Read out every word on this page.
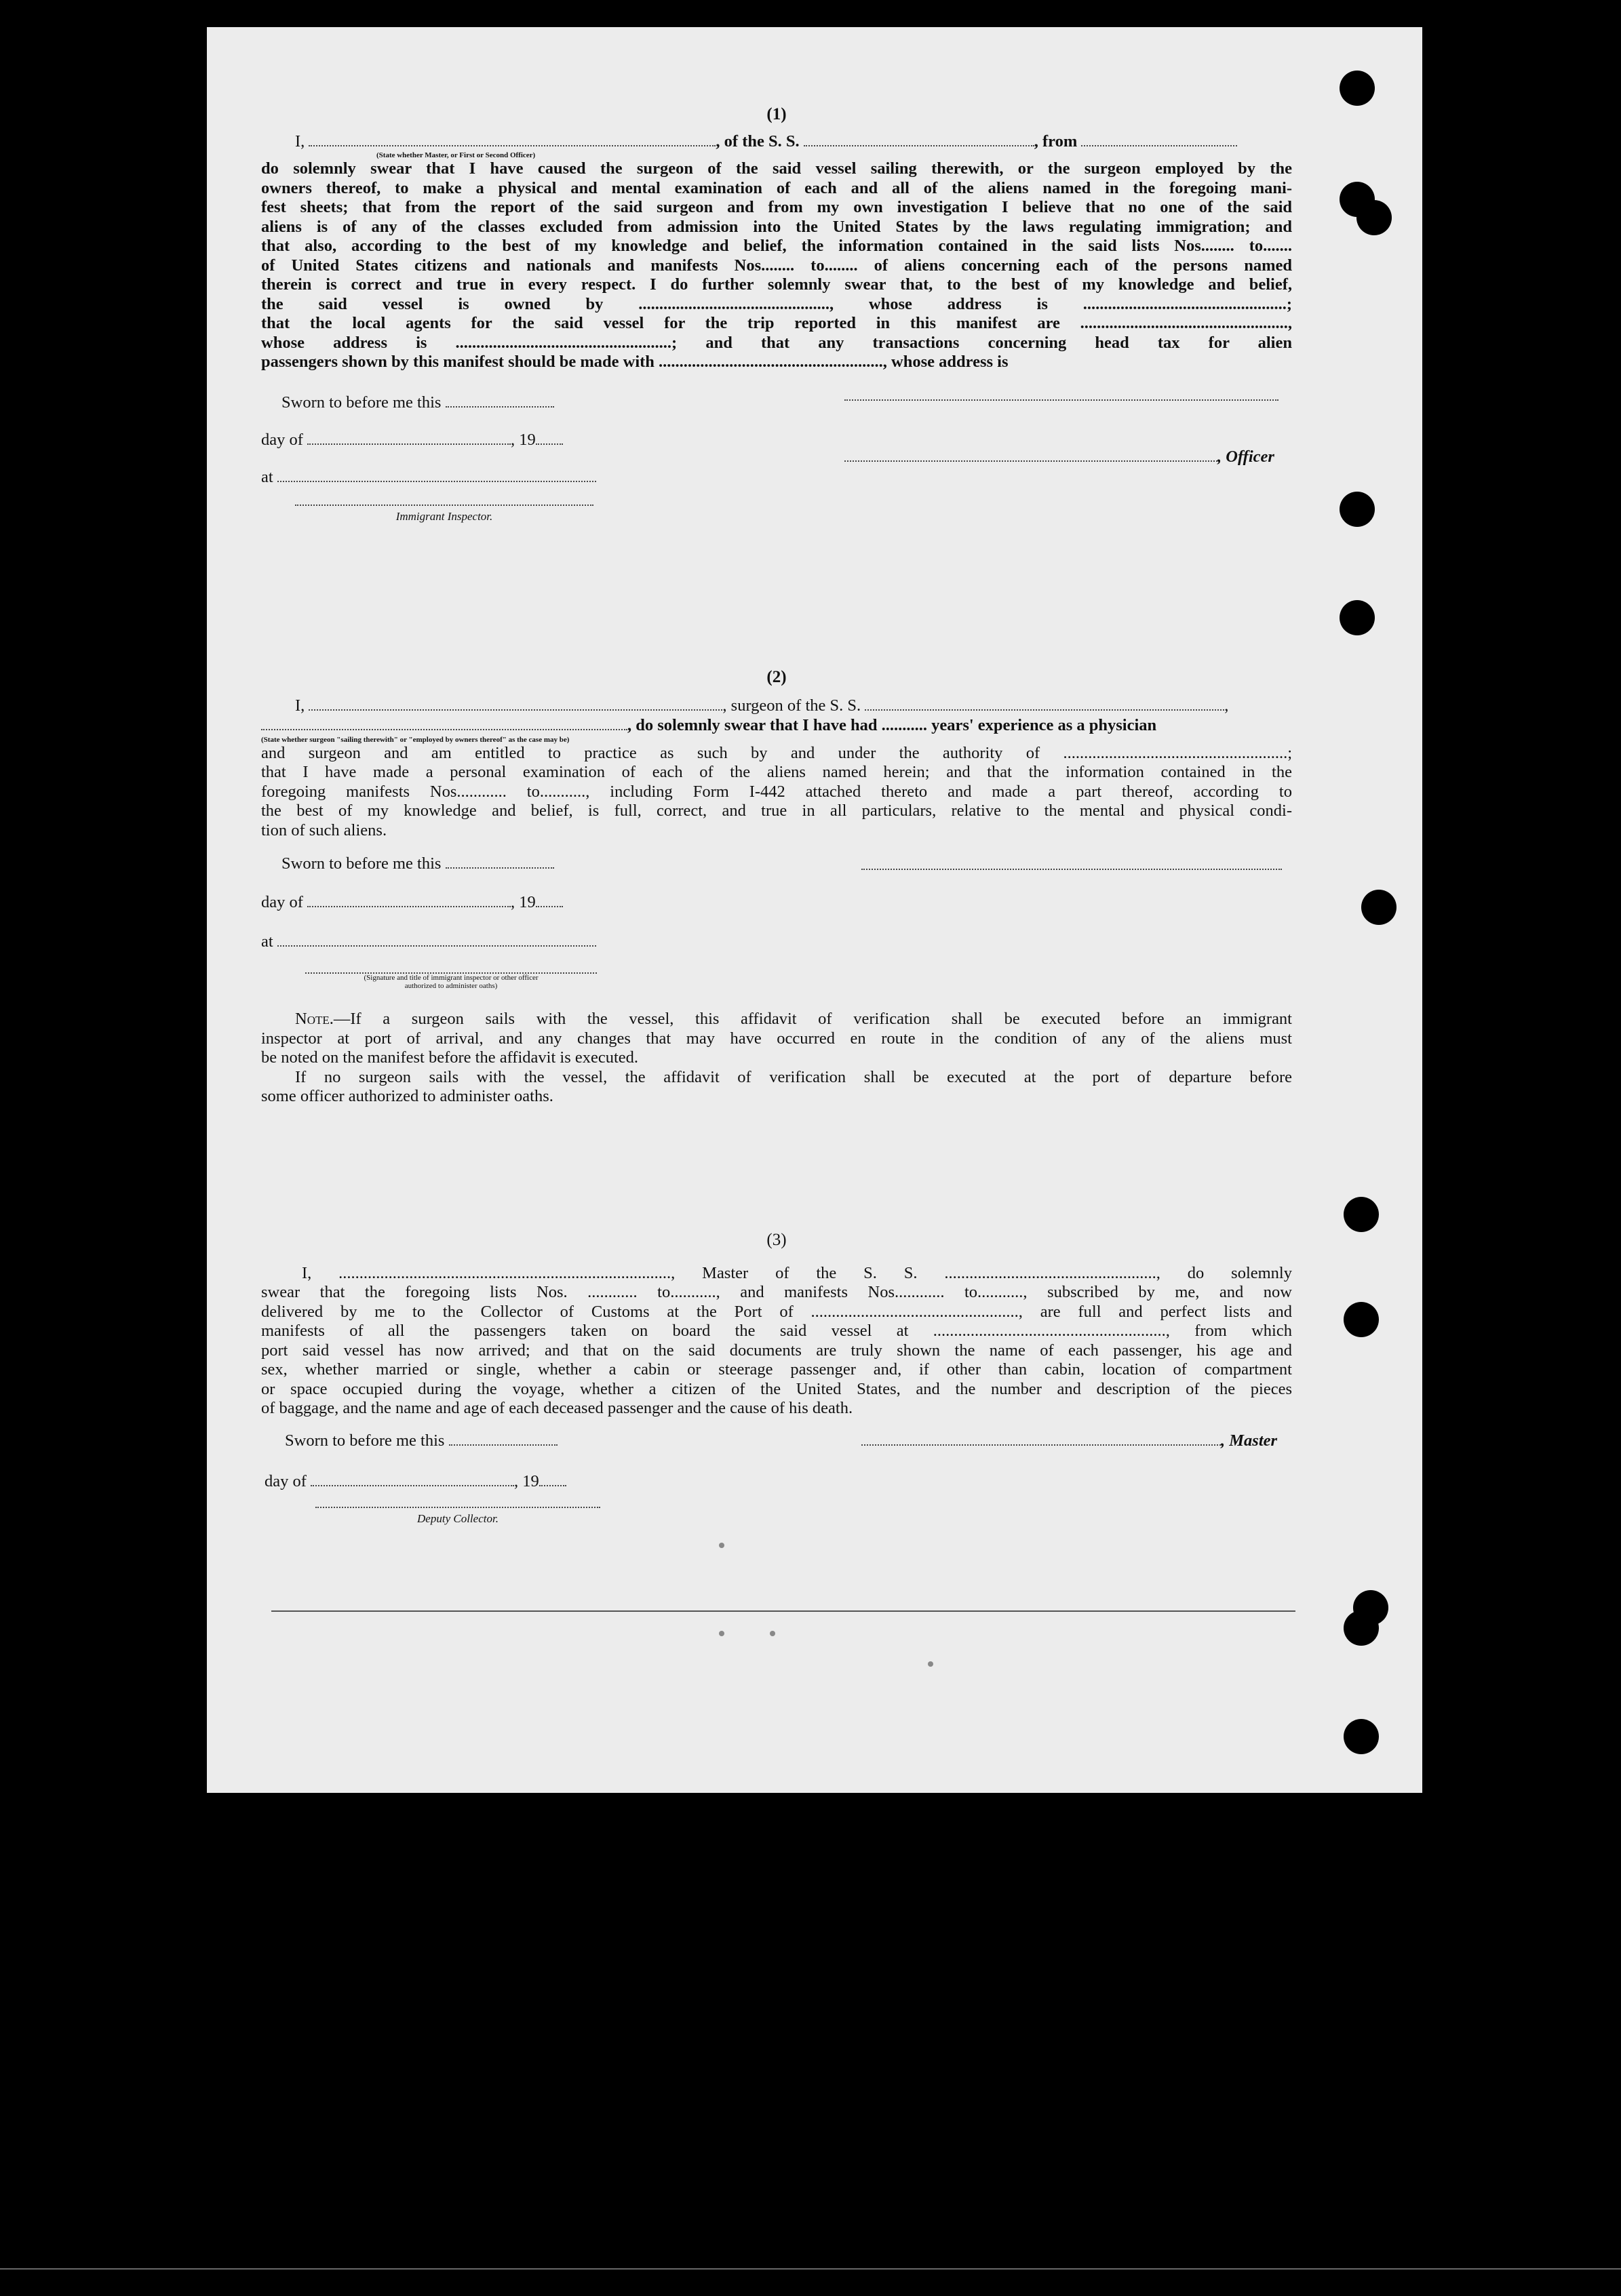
(1)
I,	, of the S. S.	, from
(State whether Master, or First or Second Officer)
do solemnly swear that I have caused the surgeon of the said vessel sailing therewith, or the surgeon employed by the
owners thereof, to make a physical and mental examination of each and all of the aliens named in the foregoing mani-
fest sheets; that from the report of the said surgeon and from my own investigation I believe that no one of the said
aliens is of any of the classes excluded from admission into the United States by the laws regulating immigration; and
that also, according to the best of my knowledge and belief, the information contained in the said lists Nos........ to.......
of United States citizens and nationals and manifests Nos........ to........ of aliens concerning each of the persons named
therein is correct and true in every respect. I do further solemnly swear that, to the best of my knowledge and belief,
the said vessel is owned by .............................................., whose address is .................................................;
that the local agents for the said vessel for the trip reported in this manifest are ..................................................,
whose address is ....................................................; and that any transactions concerning head tax for alien
passengers shown by this manifest should be made with ......................................................, whose address is
Sworn to before me this
day of	, 19
at
Immigrant Inspector.
, Officer
(2)
I,	, surgeon of the S. S.	,
, do solemnly swear that I have had ........... years' experience as a physician
(State whether surgeon "sailing therewith" or "employed by owners thereof" as the case may be)
and surgeon and am entitled to practice as such by and under the authority of ......................................................;
that I have made a personal examination of each of the aliens named herein; and that the information contained in the
foregoing manifests Nos............ to..........., including Form I-442 attached thereto and made a part thereof, according to
the best of my knowledge and belief, is full, correct, and true in all particulars, relative to the mental and physical condi-
tion of such aliens.
Sworn to before me this
day of	, 19
at
(Signature and title of immigrant inspector or other officer authorized to administer oaths)
Note.—If a surgeon sails with the vessel, this affidavit of verification shall be executed before an immigrant
inspector at port of arrival, and any changes that may have occurred en route in the condition of any of the aliens must
be noted on the manifest before the affidavit is executed.
If no surgeon sails with the vessel, the affidavit of verification shall be executed at the port of departure before
some officer authorized to administer oaths.
(3)
I, ................................................................................, Master of the S. S. ..................................................., do solemnly
swear that the foregoing lists Nos. ............ to..........., and manifests Nos............ to..........., subscribed by me, and now
delivered by me to the Collector of Customs at the Port of .................................................., are full and perfect lists and
manifests of all the passengers taken on board the said vessel at ........................................................, from which
port said vessel has now arrived; and that on the said documents are truly shown the name of each passenger, his age and
sex, whether married or single, whether a cabin or steerage passenger and, if other than cabin, location of compartment
or space occupied during the voyage, whether a citizen of the United States, and the number and description of the pieces
of baggage, and the name and age of each deceased passenger and the cause of his death.
Sworn to before me this	, Master
day of	, 19
Deputy Collector.
